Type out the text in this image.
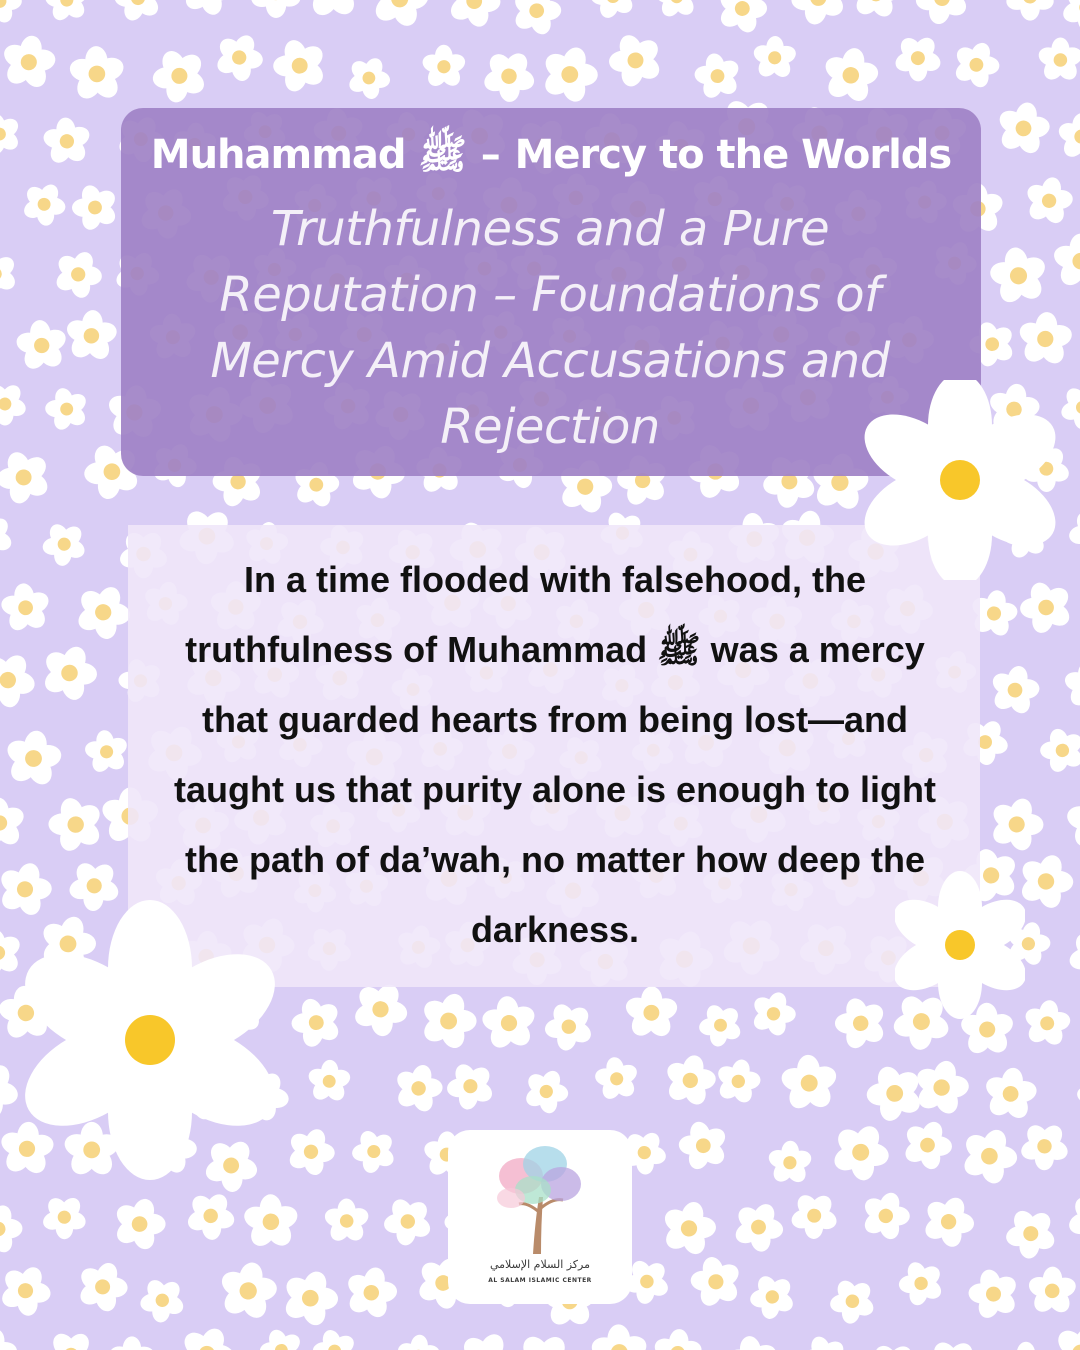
Muhammad ﷺ – Mercy to the Worlds
Truthfulness and a Pure Reputation – Foundations of Mercy Amid Accusations and Rejection
In a time flooded with falsehood, the truthfulness of Muhammad ﷺ was a mercy that guarded hearts from being lost—and taught us that purity alone is enough to light the path of da’wah, no matter how deep the darkness.
مركز السلام الإسلامي
AL SALAM ISLAMIC CENTER
